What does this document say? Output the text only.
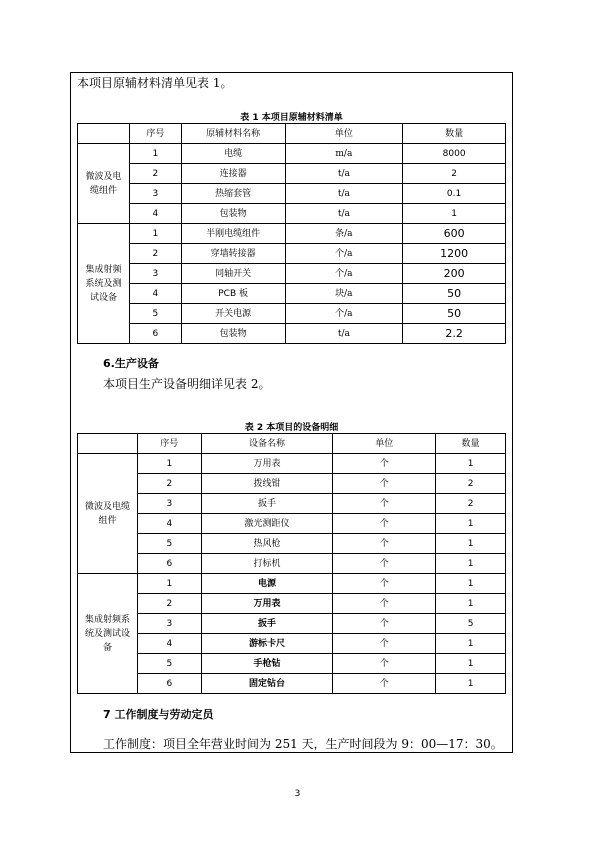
本项目原辅材料清单见表 1。
表 1 本项目原辅材料清单
	序号	原辅材料名称	单位	数量
微波及电缆组件	1	电缆	m/a	8000
	2	连接器	t/a	2
	3	热缩套管	t/a	0.1
	4	包装物	t/a	1
集成射频系统及测试设备	1	半刚电缆组件	条/a	600
	2	穿墙转接器	个/a	1200
	3	同轴开关	个/a	200
	4	PCB 板	块/a	50
	5	开关电源	个/a	50
	6	包装物	t/a	2.2
6.生产设备
本项目生产设备明细详见表 2。
表 2 本项目的设备明细
	序号	设备名称	单位	数量
微波及电缆组件	1	万用表	个	1
	2	拨线钳	个	2
	3	扳手	个	2
	4	激光测距仪	个	1
	5	热风枪	个	1
	6	打标机	个	1
集成射频系统及测试设备	1	电源	个	1
	2	万用表	个	1
	3	扳手	个	5
	4	游标卡尺	个	1
	5	手枪钻	个	1
	6	固定钻台	个	1
7 工作制度与劳动定员
工作制度：项目全年营业时间为 251 天，生产时间段为 9：00—17：30。
3
